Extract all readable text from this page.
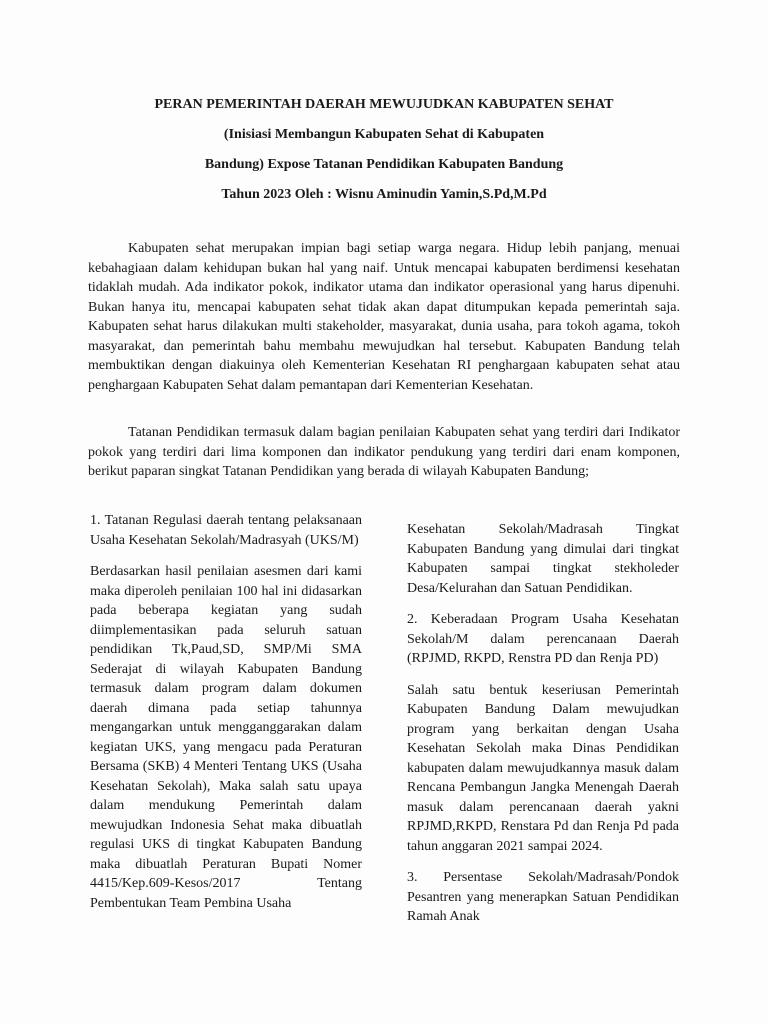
PERAN PEMERINTAH DAERAH MEWUJUDKAN KABUPATEN SEHAT
(Inisiasi Membangun Kabupaten Sehat di Kabupaten
Bandung) Expose Tatanan Pendidikan Kabupaten Bandung
Tahun 2023 Oleh : Wisnu Aminudin Yamin,S.Pd,M.Pd

Kabupaten sehat merupakan impian bagi setiap warga negara. Hidup lebih panjang, menuai kebahagiaan dalam kehidupan bukan hal yang naif. Untuk mencapai kabupaten berdimensi kesehatan tidaklah mudah. Ada indikator pokok, indikator utama dan indikator operasional yang harus dipenuhi. Bukan hanya itu, mencapai kabupaten sehat tidak akan dapat ditumpukan kepada pemerintah saja. Kabupaten sehat harus dilakukan multi stakeholder, masyarakat, dunia usaha, para tokoh agama, tokoh masyarakat, dan pemerintah bahu membahu mewujudkan hal tersebut. Kabupaten Bandung telah membuktikan dengan diakuinya oleh Kementerian Kesehatan RI penghargaan kabupaten sehat atau penghargaan Kabupaten Sehat dalam pemantapan dari Kementerian Kesehatan.

Tatanan Pendidikan termasuk dalam bagian penilaian Kabupaten sehat yang terdiri dari Indikator pokok yang terdiri dari lima komponen dan indikator pendukung yang terdiri dari enam komponen, berikut paparan singkat Tatanan Pendidikan yang berada di wilayah Kabupaten Bandung;

1. Tatanan Regulasi daerah tentang pelaksanaan Usaha Kesehatan Sekolah/Madrasyah (UKS/M)

Berdasarkan hasil penilaian asesmen dari kami maka diperoleh penilaian 100 hal ini didasarkan pada beberapa kegiatan yang sudah diimplementasikan pada seluruh satuan pendidikan Tk,Paud,SD, SMP/Mi SMA Sederajat di wilayah Kabupaten Bandung termasuk dalam program dalam dokumen daerah dimana pada setiap tahunnya mengangarkan untuk mengganggarakan dalam kegiatan UKS, yang mengacu pada Peraturan Bersama (SKB) 4 Menteri Tentang UKS (Usaha Kesehatan Sekolah), Maka salah satu upaya dalam mendukung Pemerintah dalam mewujudkan Indonesia Sehat maka dibuatlah regulasi UKS di tingkat Kabupaten Bandung maka dibuatlah Peraturan Bupati Nomer 4415/Kep.609-Kesos/2017 Tentang Pembentukan Team Pembina Usaha

Kesehatan Sekolah/Madrasah Tingkat Kabupaten Bandung yang dimulai dari tingkat Kabupaten sampai tingkat stekholeder Desa/Kelurahan dan Satuan Pendidikan.

2. Keberadaan Program Usaha Kesehatan Sekolah/M dalam perencanaan Daerah (RPJMD, RKPD, Renstra PD dan Renja PD)

Salah satu bentuk keseriusan Pemerintah Kabupaten Bandung Dalam mewujudkan program yang berkaitan dengan Usaha Kesehatan Sekolah maka Dinas Pendidikan kabupaten dalam mewujudkannya masuk dalam Rencana Pembangun Jangka Menengah Daerah masuk dalam perencanaan daerah yakni RPJMD,RKPD, Renstara Pd dan Renja Pd pada tahun anggaran 2021 sampai 2024.

3. Persentase Sekolah/Madrasah/Pondok Pesantren yang menerapkan Satuan Pendidikan Ramah Anak
